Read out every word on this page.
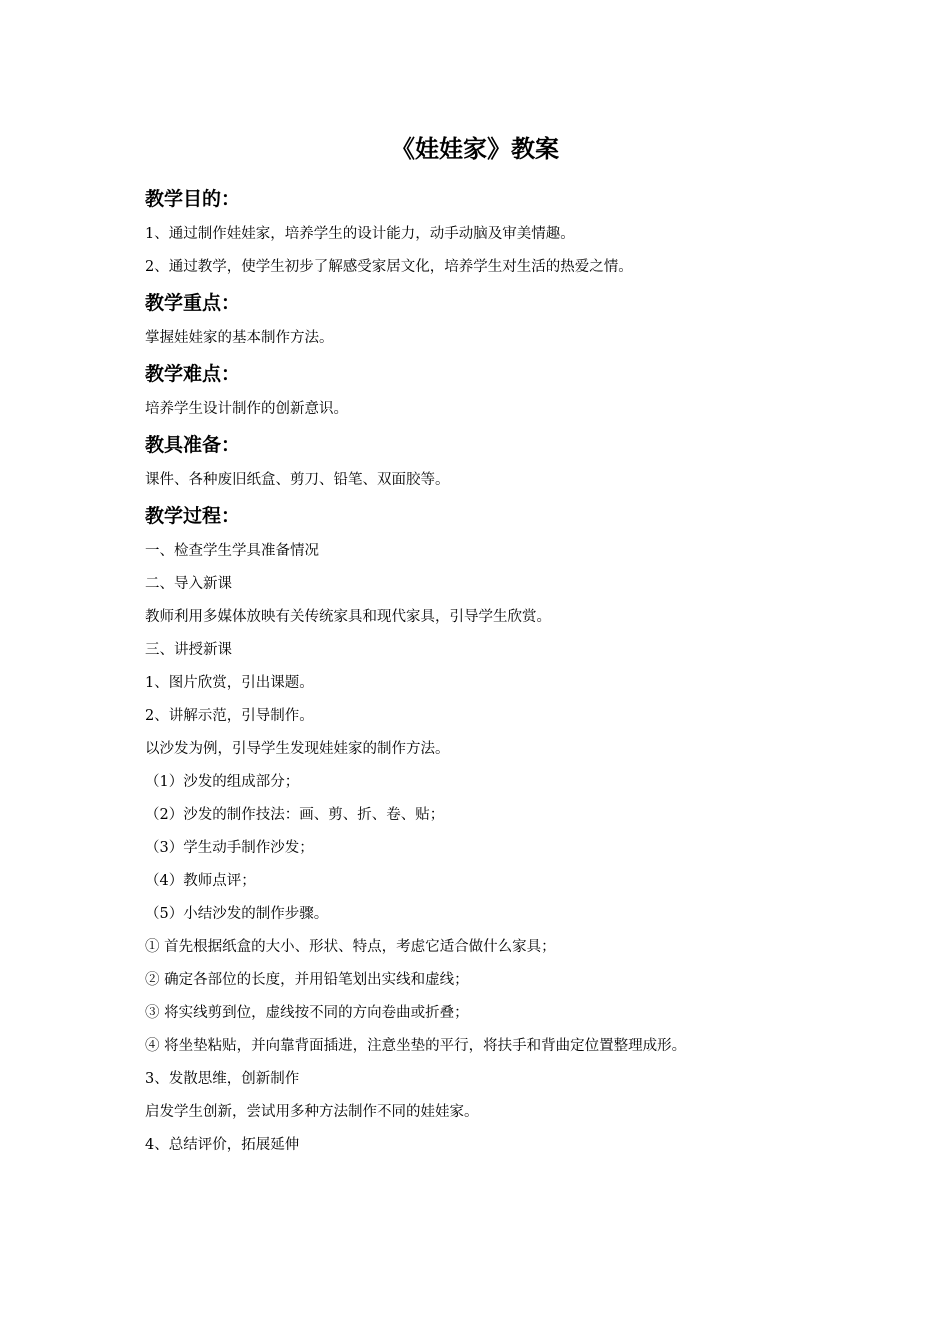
《娃娃家》教案
教学目的：

1、通过制作娃娃家，培养学生的设计能力，动手动脑及审美情趣。

2、通过教学，使学生初步了解感受家居文化，培养学生对生活的热爱之情。

教学重点：

掌握娃娃家的基本制作方法。

教学难点：

培养学生设计制作的创新意识。

教具准备：

课件、各种废旧纸盒、剪刀、铅笔、双面胶等。

教学过程：

一、检查学生学具准备情况

二、导入新课

教师利用多媒体放映有关传统家具和现代家具，引导学生欣赏。

三、讲授新课

1、图片欣赏，引出课题。

2、讲解示范，引导制作。

以沙发为例，引导学生发现娃娃家的制作方法。

（1）沙发的组成部分；

（2）沙发的制作技法：画、剪、折、卷、贴；

（3）学生动手制作沙发；

（4）教师点评；

（5）小结沙发的制作步骤。

① 首先根据纸盒的大小、形状、特点，考虑它适合做什么家具；

② 确定各部位的长度，并用铅笔划出实线和虚线；

③ 将实线剪到位，虚线按不同的方向卷曲或折叠；

④ 将坐垫粘贴，并向靠背面插进，注意坐垫的平行，将扶手和背曲定位置整理成形。

3、发散思维，创新制作

启发学生创新，尝试用多种方法制作不同的娃娃家。

4、总结评价，拓展延伸
